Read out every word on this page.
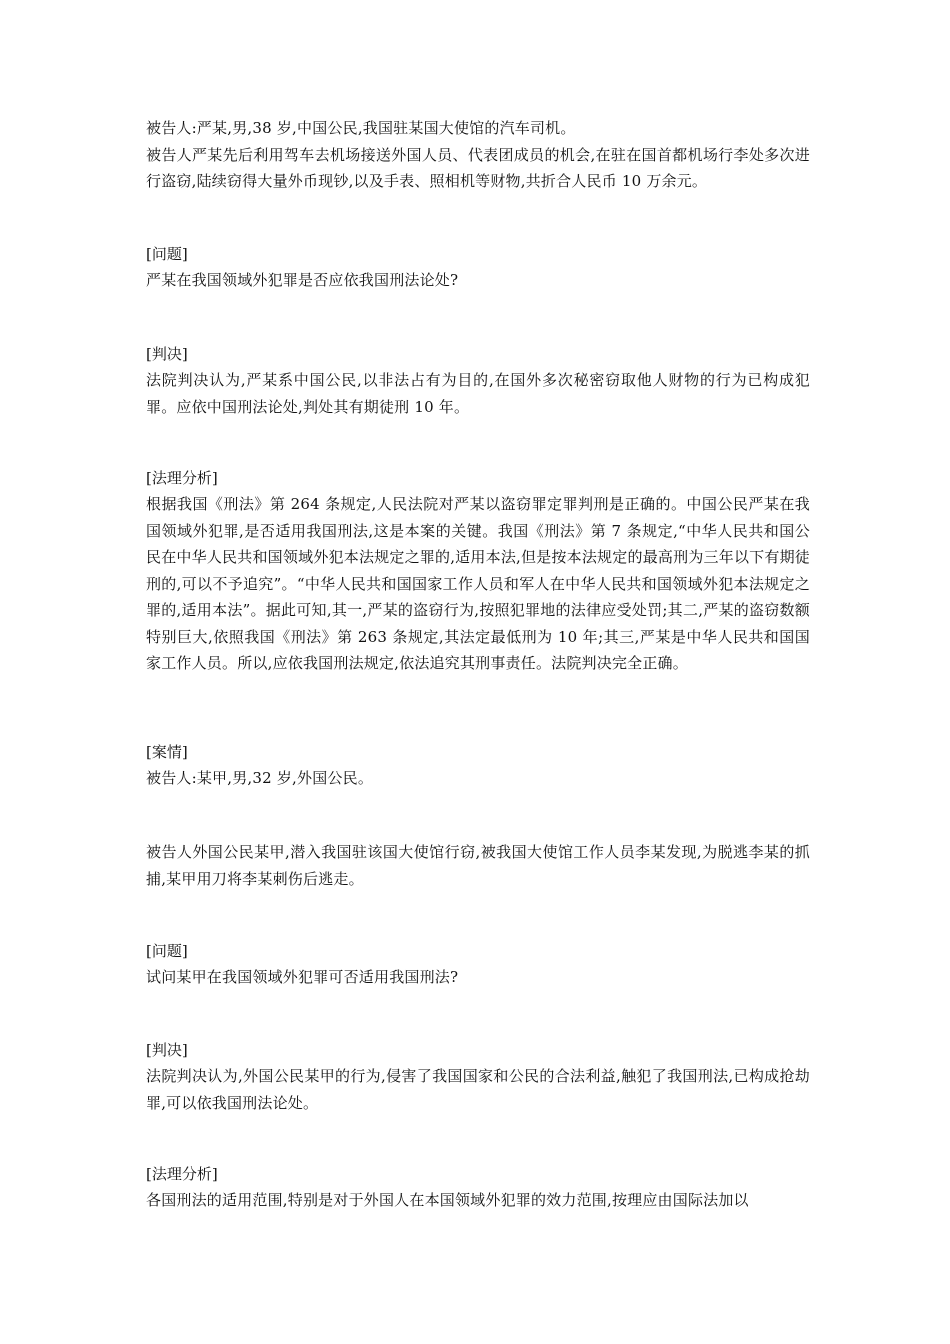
被告人:严某,男,38 岁,中国公民,我国驻某国大使馆的汽车司机。

被告人严某先后利用驾车去机场接送外国人员、代表团成员的机会,在驻在国首都机场行李处多次进行盗窃,陆续窃得大量外币现钞,以及手表、照相机等财物,共折合人民币 10 万余元。

[问题]

严某在我国领域外犯罪是否应依我国刑法论处?

[判决]

法院判决认为,严某系中国公民,以非法占有为目的,在国外多次秘密窃取他人财物的行为已构成犯罪。应依中国刑法论处,判处其有期徒刑 10 年。

[法理分析]

根据我国《刑法》第 264 条规定,人民法院对严某以盗窃罪定罪判刑是正确的。中国公民严某在我国领域外犯罪,是否适用我国刑法,这是本案的关键。我国《刑法》第 7 条规定,“中华人民共和国公民在中华人民共和国领域外犯本法规定之罪的,适用本法,但是按本法规定的最高刑为三年以下有期徒刑的,可以不予追究”。“中华人民共和国国家工作人员和军人在中华人民共和国领域外犯本法规定之罪的,适用本法”。据此可知,其一,严某的盗窃行为,按照犯罪地的法律应受处罚;其二,严某的盗窃数额特别巨大,依照我国《刑法》第 263 条规定,其法定最低刑为 10 年;其三,严某是中华人民共和国国家工作人员。所以,应依我国刑法规定,依法追究其刑事责任。法院判决完全正确。

[案情]

被告人:某甲,男,32 岁,外国公民。

被告人外国公民某甲,潜入我国驻该国大使馆行窃,被我国大使馆工作人员李某发现,为脱逃李某的抓捕,某甲用刀将李某刺伤后逃走。

[问题]

试问某甲在我国领域外犯罪可否适用我国刑法?

[判决]

法院判决认为,外国公民某甲的行为,侵害了我国国家和公民的合法利益,触犯了我国刑法,已构成抢劫罪,可以依我国刑法论处。

[法理分析]

各国刑法的适用范围,特别是对于外国人在本国领域外犯罪的效力范围,按理应由国际法加以
